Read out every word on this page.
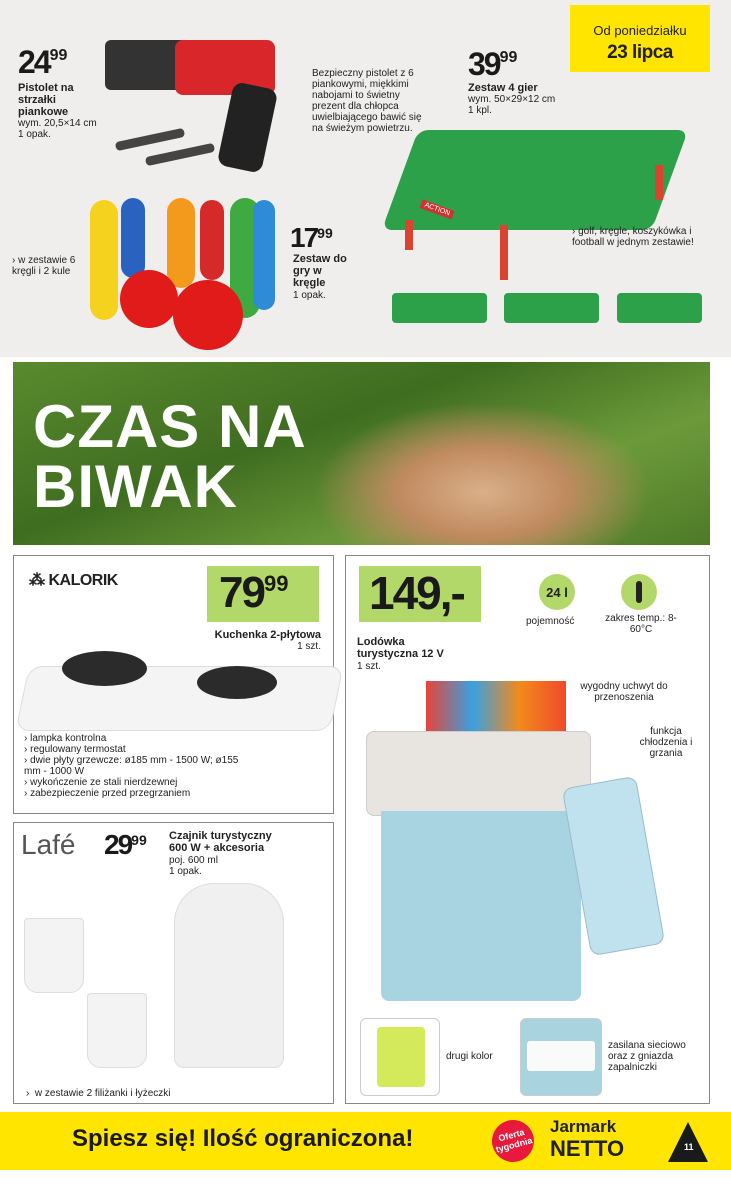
Od poniedziałku
23 lipca
$24^{99}$
Pistolet na strzałki piankowe
wym. 20,5×14 cm
1 opak.
Bezpieczny pistolet z 6 piankowymi, miękkimi nabojami to świetny prezent dla chłopca uwielbiającego bawić się na świeżym powietrzu.
$39^{99}$
Zestaw 4 gier
wym. 50×29×12 cm
1 kpl.
ACTION
› golf, kręgle, koszykówka i football w jednym zestawie!
› w zestawie 6 kręgli i 2 kule
$17^{99}$
Zestaw do gry w kręgle
1 opak.
CZAS NA
BIWAK
⁂ KALORIK $79^{99}$
Kuchenka 2-płytowa
1 szt.
› lampka kontrolna
› regulowany termostat
› dwie płyty grzewcze: ø185 mm - 1500 W; ø155 mm - 1000 W
› wykończenie ze stali nierdzewnej
› zabezpieczenie przed przegrzaniem
Lafé $29^{99}$ Czajnik turystyczny 600 W + akcesoria
poj. 600 ml
1 opak.
›  w zestawie 2 filiżanki i łyżeczki
149,-
Lodówka turystyczna 12 V
1 szt.
24 l
pojemność	zakres temp.: 8-60°C
wygodny uchwyt do przenoszenia
funkcja chłodzenia i grzania
drugi kolor
zasilana sieciowo oraz z gniazda zapalniczki
Spiesz się! Ilość ograniczona!	Oferta tygodnia
Jarmark
NETTO	11
